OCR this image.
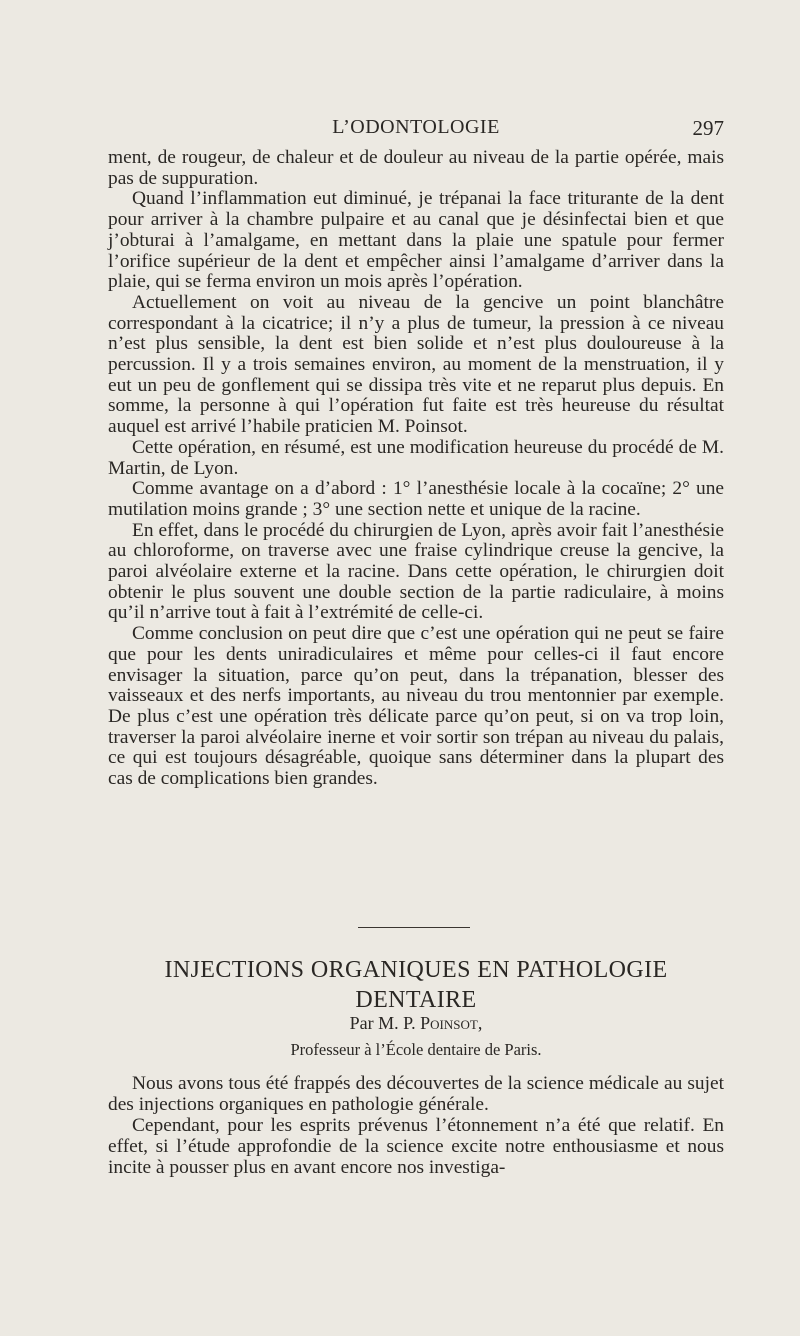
L’ODONTOLOGIE	297

ment, de rougeur, de chaleur et de douleur au niveau de la partie opérée, mais pas de suppuration.

Quand l’inflammation eut diminué, je trépanai la face triturante de la dent pour arriver à la chambre pulpaire et au canal que je désinfectai bien et que j’obturai à l’amalgame, en mettant dans la plaie une spatule pour fermer l’orifice supérieur de la dent et empêcher ainsi l’amalgame d’arriver dans la plaie, qui se ferma environ un mois après l’opération.

Actuellement on voit au niveau de la gencive un point blanchâtre correspondant à la cicatrice; il n’y a plus de tumeur, la pression à ce niveau n’est plus sensible, la dent est bien solide et n’est plus douloureuse à la percussion. Il y a trois semaines environ, au moment de la menstruation, il y eut un peu de gonflement qui se dissipa très vite et ne reparut plus depuis. En somme, la personne à qui l’opération fut faite est très heureuse du résultat auquel est arrivé l’habile praticien M. Poinsot.

Cette opération, en résumé, est une modification heureuse du procédé de M. Martin, de Lyon.

Comme avantage on a d’abord : 1° l’anesthésie locale à la cocaïne; 2° une mutilation moins grande ; 3° une section nette et unique de la racine.

En effet, dans le procédé du chirurgien de Lyon, après avoir fait l’anesthésie au chloroforme, on traverse avec une fraise cylindrique creuse la gencive, la paroi alvéolaire externe et la racine. Dans cette opération, le chirurgien doit obtenir le plus souvent une double section de la partie radiculaire, à moins qu’il n’arrive tout à fait à l’extrémité de celle-ci.

Comme conclusion on peut dire que c’est une opération qui ne peut se faire que pour les dents uniradiculaires et même pour celles-ci il faut encore envisager la situation, parce qu’on peut, dans la trépanation, blesser des vaisseaux et des nerfs importants, au niveau du trou mentonnier par exemple. De plus c’est une opération très délicate parce qu’on peut, si on va trop loin, traverser la paroi alvéolaire inerne et voir sortir son trépan au niveau du palais, ce qui est toujours désagréable, quoique sans déterminer dans la plupart des cas de complications bien grandes.

INJECTIONS ORGANIQUES EN PATHOLOGIE DENTAIRE
Par M. P. Poinsot,
Professeur à l’École dentaire de Paris.

Nous avons tous été frappés des découvertes de la science médicale au sujet des injections organiques en pathologie générale.

Cependant, pour les esprits prévenus l’étonnement n’a été que relatif. En effet, si l’étude approfondie de la science excite notre enthousiasme et nous incite à pousser plus en avant encore nos investiga-
